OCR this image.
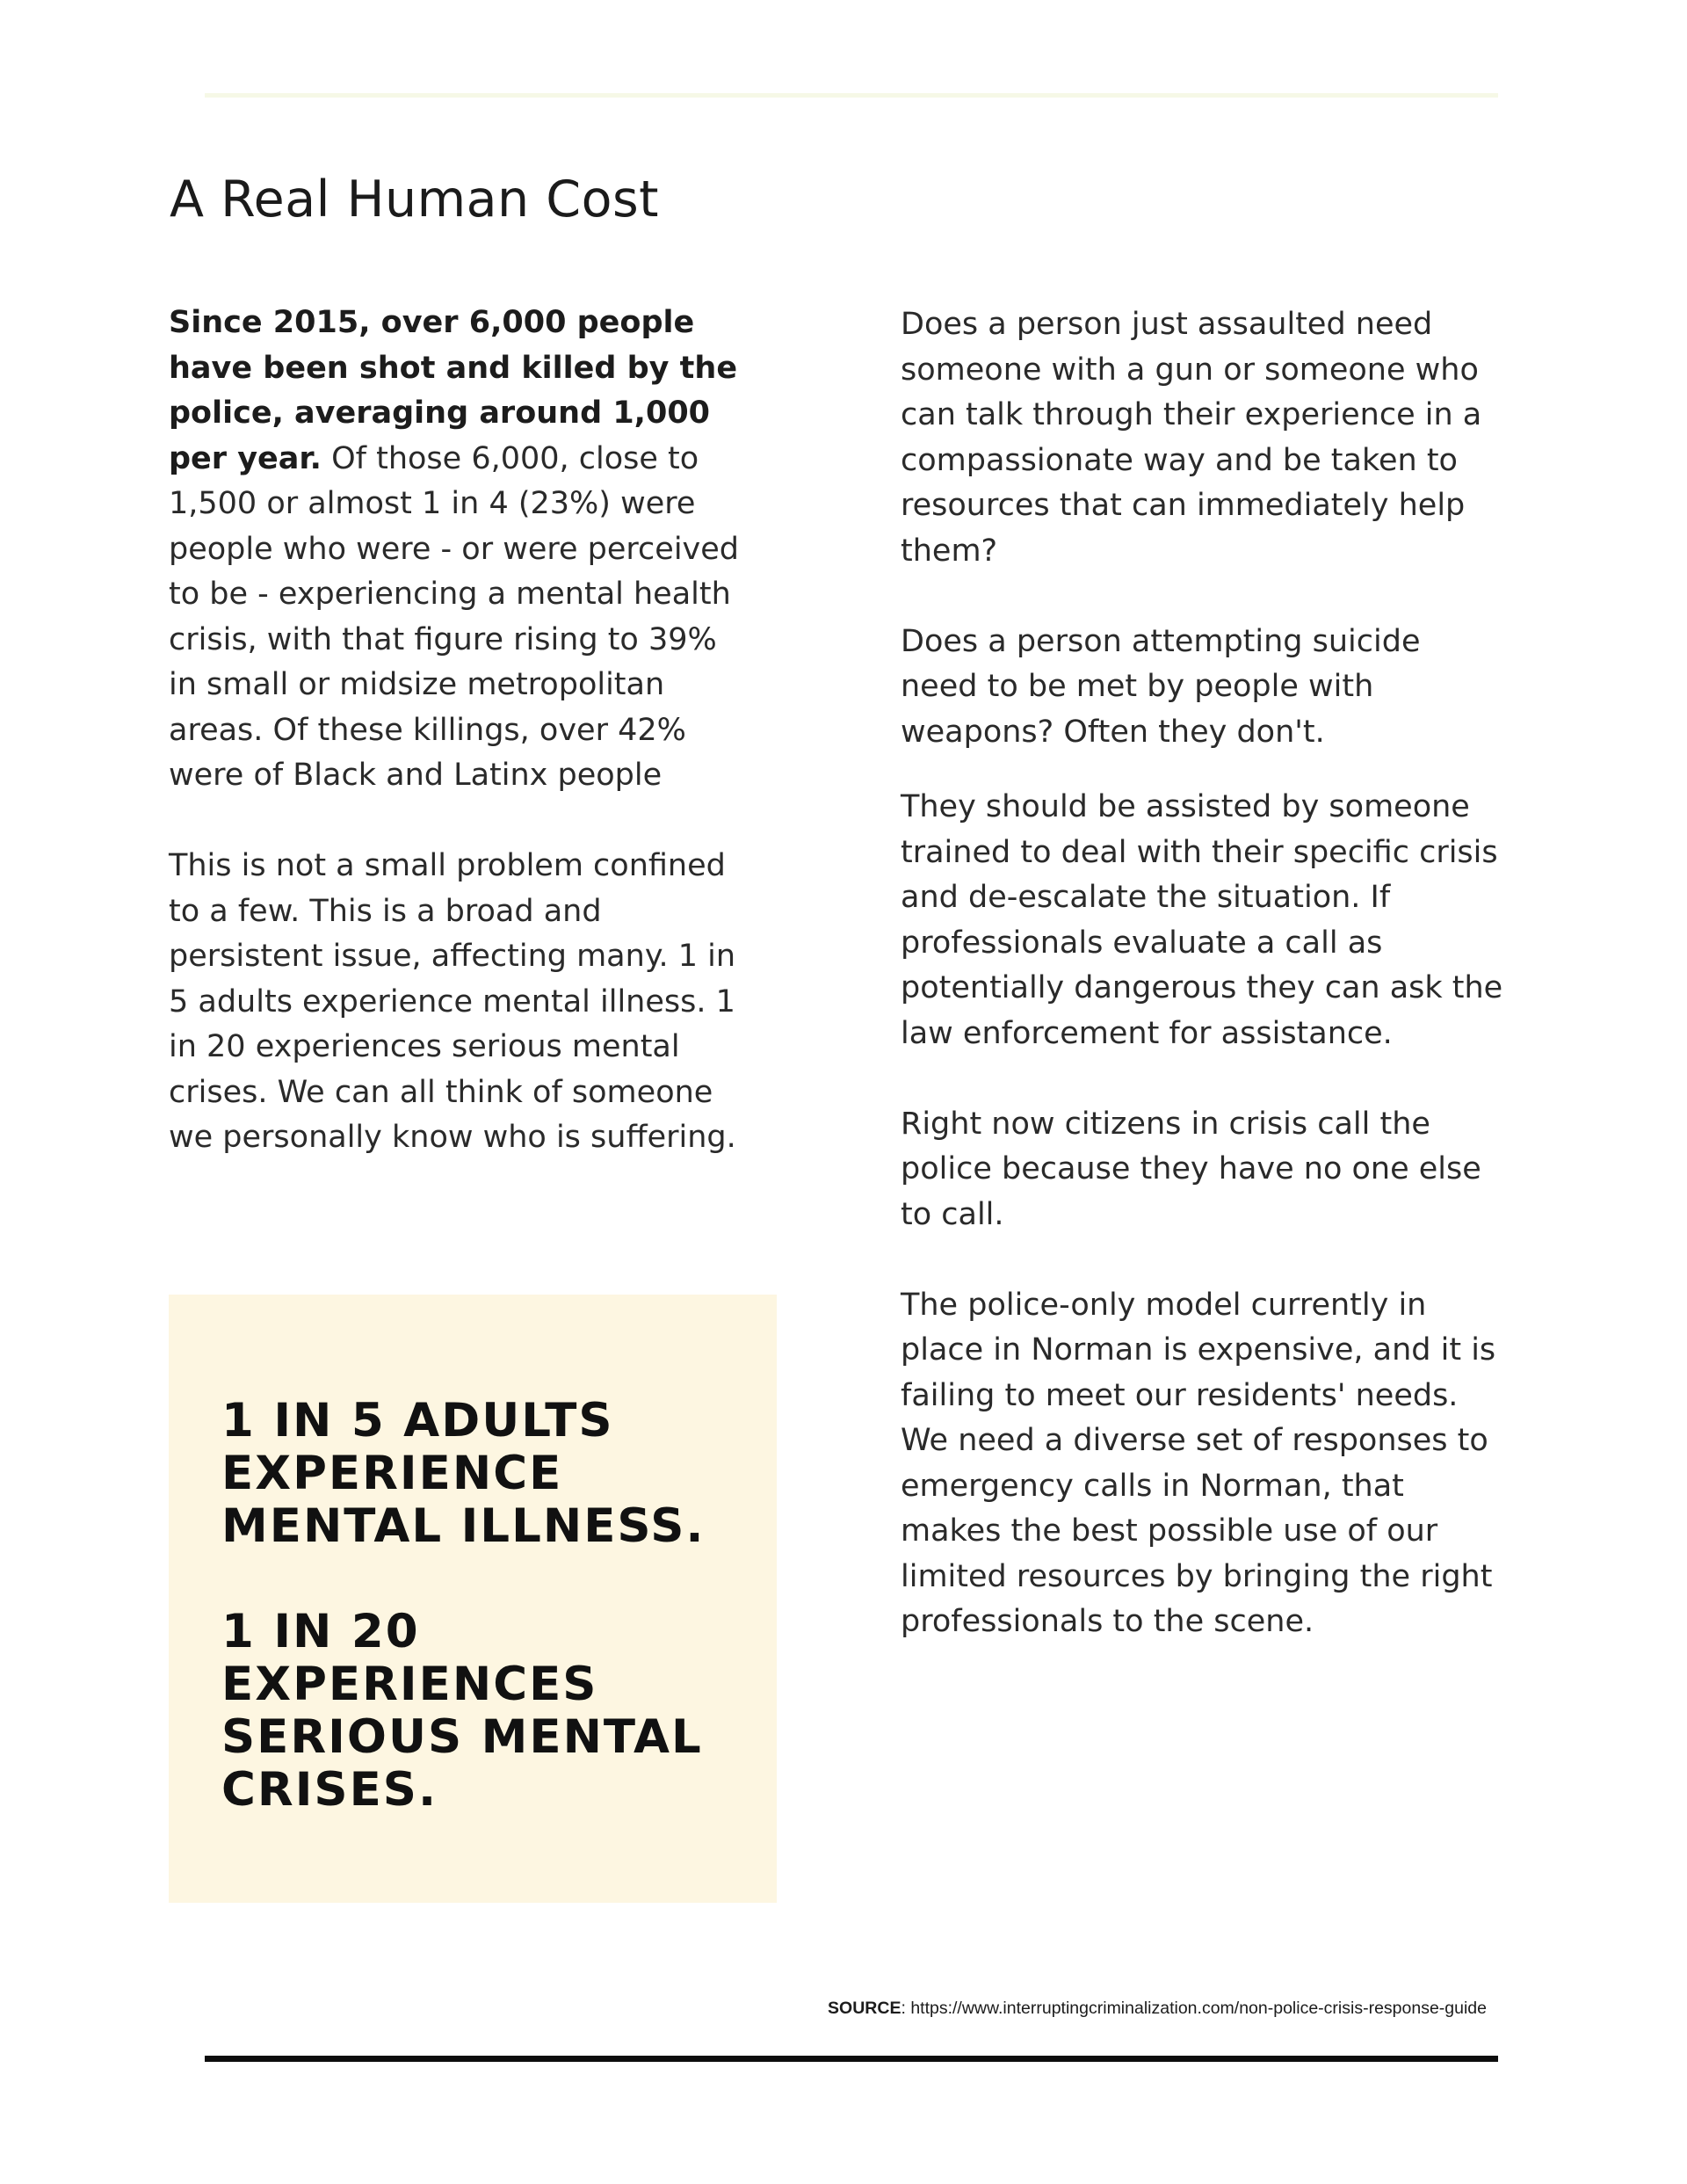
A Real Human Cost

Since 2015, over 6,000 people have been shot and killed by the police, averaging around 1,000 per year. Of those 6,000, close to 1,500 or almost 1 in 4 (23%) were people who were - or were perceived to be - experiencing a mental health crisis, with that figure rising to 39% in small or midsize metropolitan areas. Of these killings, over 42% were of Black and Latinx people

This is not a small problem confined to a few. This is a broad and persistent issue, affecting many. 1 in 5 adults experience mental illness. 1 in 20 experiences serious mental crises. We can all think of someone we personally know who is suffering.

1 IN 5 ADULTS EXPERIENCE MENTAL ILLNESS.

1 IN 20 EXPERIENCES SERIOUS MENTAL CRISES.

Does a person just assaulted need someone with a gun or someone who can talk through their experience in a compassionate way and be taken to resources that can immediately help them?

Does a person attempting suicide need to be met by people with weapons? Often they don't.

They should be assisted by someone trained to deal with their specific crisis and de-escalate the situation. If professionals evaluate a call as potentially dangerous they can ask the law enforcement for assistance.

Right now citizens in crisis call the police because they have no one else to call.

The police-only model currently in place in Norman is expensive, and it is failing to meet our residents' needs. We need a diverse set of responses to emergency calls in Norman, that makes the best possible use of our limited resources by bringing the right professionals to the scene.

SOURCE: https://www.interruptingcriminalization.com/non-police-crisis-response-guide
